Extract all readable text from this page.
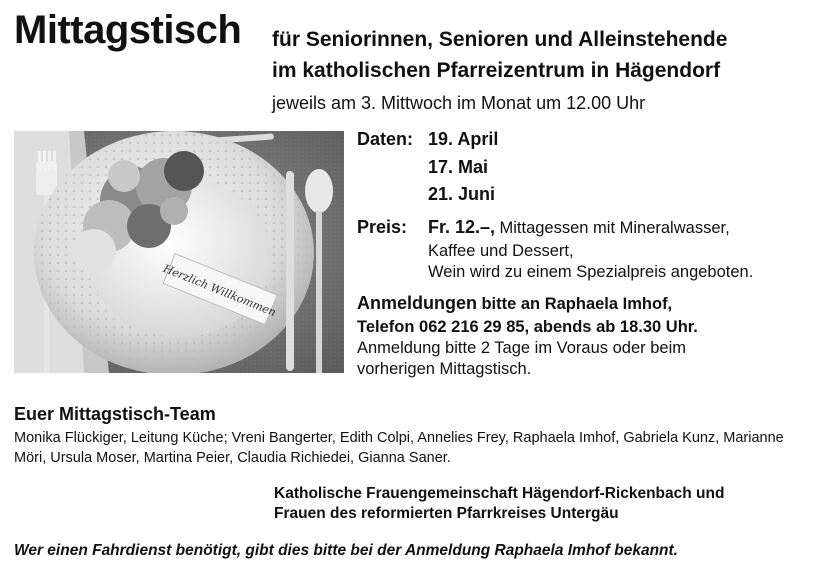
Mittagstisch für Seniorinnen, Senioren und Alleinstehende
im katholischen Pfarreizentrum in Hägendorf
jeweils am 3. Mittwoch im Monat um 12.00 Uhr
Herzlich Willkommen
Daten: 19. April
17. Mai
21. Juni
Preis: Fr. 12.–, Mittagessen mit Mineralwasser,
Kaffee und Dessert,
Wein wird zu einem Spezialpreis angeboten.
Anmeldungen bitte an Raphaela Imhof,
Telefon 062 216 29 85, abends ab 18.30 Uhr.
Anmeldung bitte 2 Tage im Voraus oder beim
vorherigen Mittagstisch.
Euer Mittagstisch-Team
Monika Flückiger, Leitung Küche; Vreni Bangerter, Edith Colpi, Annelies Frey, Raphaela Imhof, Gabriela Kunz, Marianne Möri, Ursula Moser, Martina Peier, Claudia Richiedei, Gianna Saner.
Katholische Frauengemeinschaft Hägendorf-Rickenbach und
Frauen des reformierten Pfarrkreises Untergäu
Wer einen Fahrdienst benötigt, gibt dies bitte bei der Anmeldung Raphaela Imhof bekannt.
